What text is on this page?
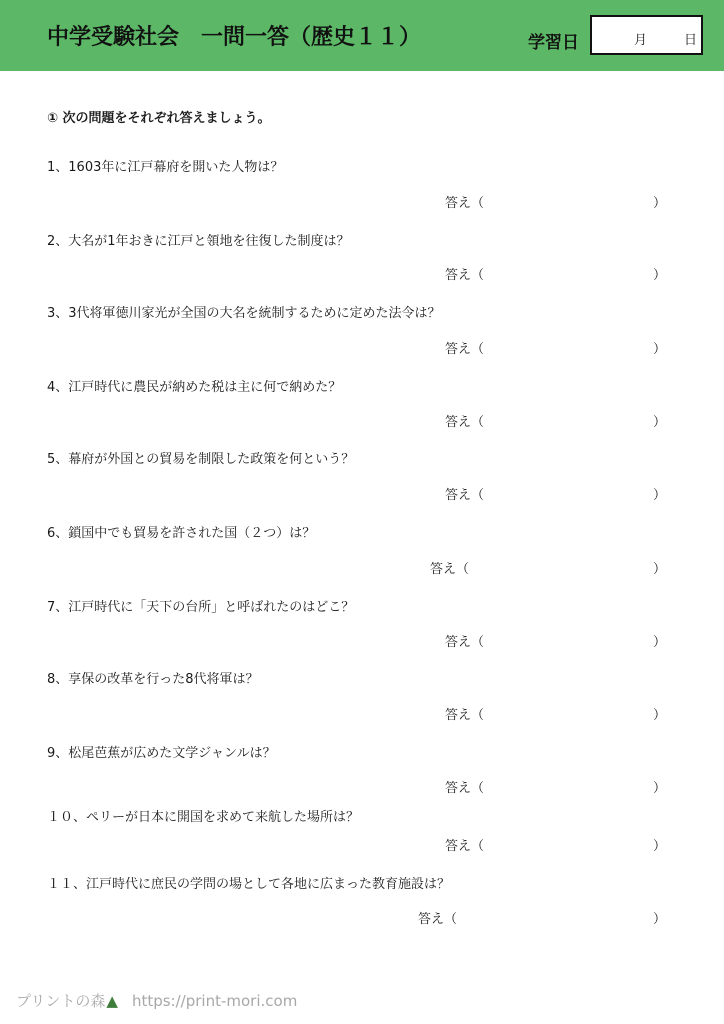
中学受験社会　一問一答（歴史１１）	学習日	月	日
① 次の問題をそれぞれ答えましょう。
1、1603年に江戸幕府を開いた人物は？
答え（	）
2、大名が1年おきに江戸と領地を往復した制度は？
答え（	）
3、3代将軍徳川家光が全国の大名を統制するために定めた法令は？
答え（	）
4、江戸時代に農民が納めた税は主に何で納めた？
答え（	）
5、幕府が外国との貿易を制限した政策を何という？
答え（	）
6、鎖国中でも貿易を許された国（２つ）は？
答え（	）
7、江戸時代に「天下の台所」と呼ばれたのはどこ？
答え（	）
8、享保の改革を行った8代将軍は？
答え（	）
9、松尾芭蕉が広めた文学ジャンルは？
答え（	）
１０、ペリーが日本に開国を求めて来航した場所は？
答え（	）
１１、江戸時代に庶民の学問の場として各地に広まった教育施設は？
答え（	）
プリントの森▲ https://print-mori.com
